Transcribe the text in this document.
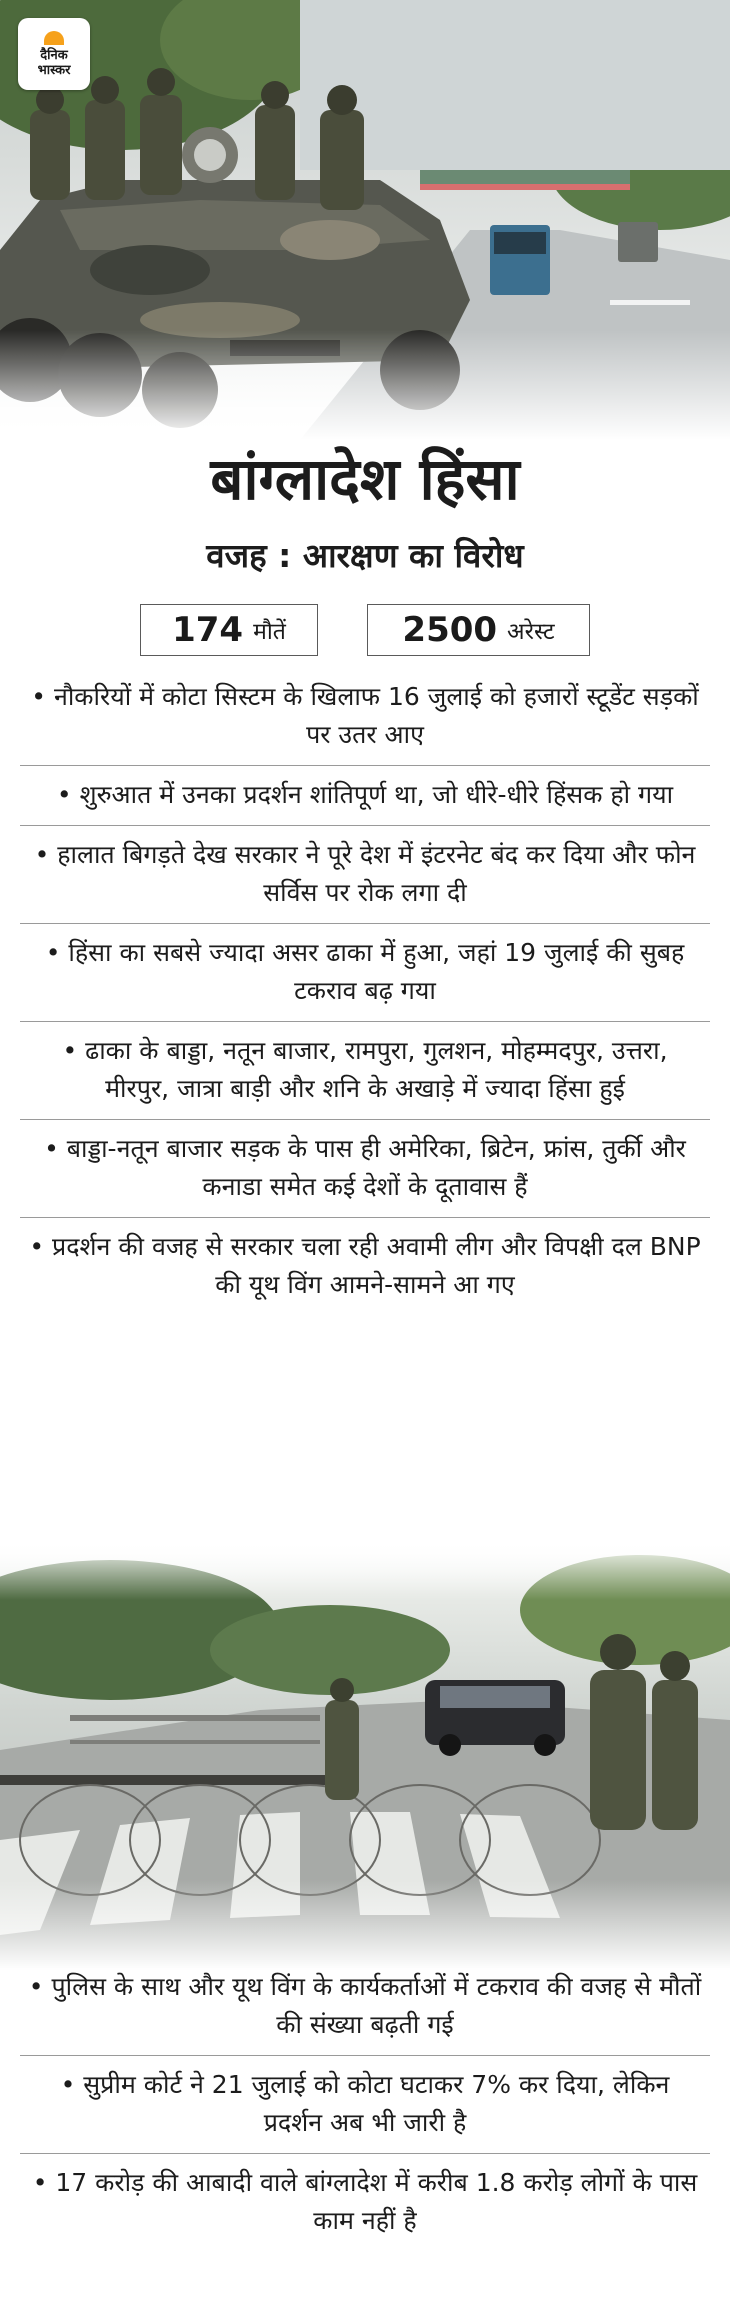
दैनिक
भास्कर
बांग्लादेश हिंसा
वजह : आरक्षण का विरोध
174 मौतें	2500 अरेस्ट
• नौकरियों में कोटा सिस्टम के खिलाफ 16 जुलाई को हजारों स्टूडेंट सड़कों पर उतर आए
• शुरुआत में उनका प्रदर्शन शांतिपूर्ण था, जो धीरे-धीरे हिंसक हो गया
• हालात बिगड़ते देख सरकार ने पूरे देश में इंटरनेट बंद कर दिया और फोन सर्विस पर रोक लगा दी
• हिंसा का सबसे ज्यादा असर ढाका में हुआ, जहां 19 जुलाई की सुबह टकराव बढ़ गया
• ढाका के बाड्डा, नतून बाजार, रामपुरा, गुलशन, मोहम्मदपुर, उत्तरा, मीरपुर, जात्रा बाड़ी और शनि के अखाड़े में ज्यादा हिंसा हुई
• बाड्डा-नतून बाजार सड़क के पास ही अमेरिका, ब्रिटेन, फ्रांस, तुर्की और कनाडा समेत कई देशों के दूतावास हैं
• प्रदर्शन की वजह से सरकार चला रही अवामी लीग और विपक्षी दल BNP की यूथ विंग आमने-सामने आ गए
• पुलिस के साथ और यूथ विंग के कार्यकर्ताओं में टकराव की वजह से मौतों की संख्या बढ़ती गई
• सुप्रीम कोर्ट ने 21 जुलाई को कोटा घटाकर 7% कर दिया, लेकिन प्रदर्शन अब भी जारी है
• 17 करोड़ की आबादी वाले बांग्लादेश में करीब 1.8 करोड़ लोगों के पास काम नहीं है
